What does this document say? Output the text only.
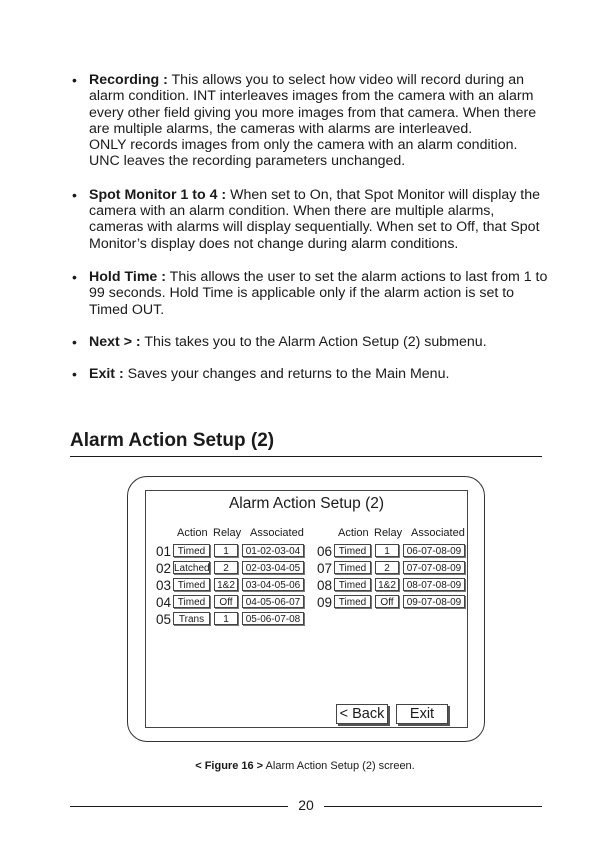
• Recording : This allows you to select how video will record during an alarm condition. INT interleaves images from the camera with an alarm every other field giving you more images from that camera. When there are multiple alarms, the cameras with alarms are interleaved.
ONLY records images from only the camera with an alarm condition.
UNC leaves the recording parameters unchanged.
• Spot Monitor 1 to 4 : When set to On, that Spot Monitor will display the camera with an alarm condition. When there are multiple alarms, cameras with alarms will display sequentially. When set to Off, that Spot Monitor’s display does not change during alarm conditions.
• Hold Time : This allows the user to set the alarm actions to last from 1 to 99 seconds. Hold Time is applicable only if the alarm action is set to Timed OUT.
• Next > : This takes you to the Alarm Action Setup (2) submenu.
• Exit : Saves your changes and returns to the Main Menu.
Alarm Action Setup (2)
Alarm Action Setup (2)
Action Relay Associated
01 Timed	1	01-02-03-04
02 Latched	2	02-03-04-05
03 Timed	1&2	03-04-05-06
04 Timed	Off	04-05-06-07
05 Trans	1	05-06-07-08
Action Relay Associated
06 Timed	1	06-07-08-09
07 Timed	2	07-07-08-09
08 Timed	1&2	08-07-08-09
09 Timed	Off	09-07-08-09
< Back	Exit
< Figure 16 > Alarm Action Setup (2) screen.
20
